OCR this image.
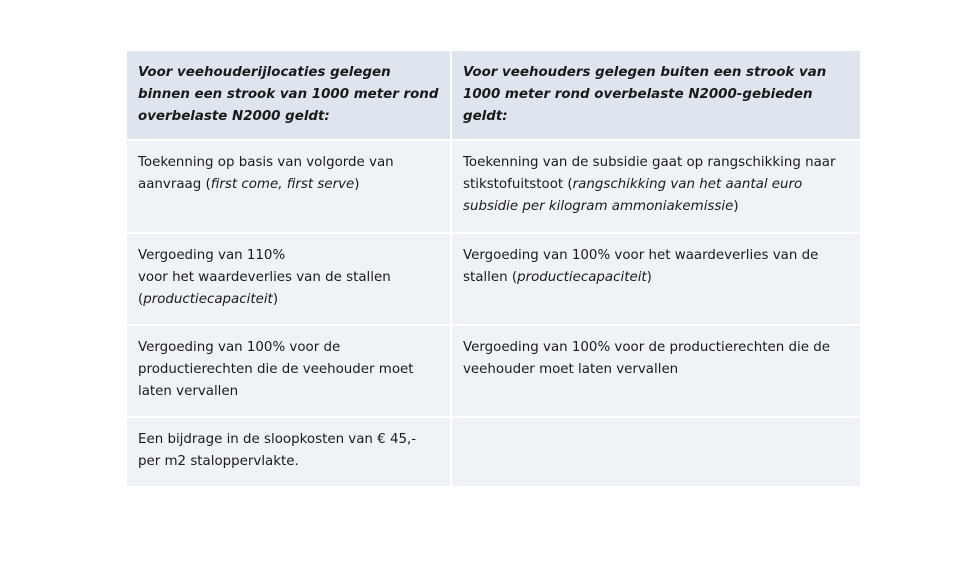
Voor veehouderijlocaties gelegen binnen een strook van 1000 meter rond overbelaste N2000 geldt:
Voor veehouders gelegen buiten een strook van 1000 meter rond overbelaste N2000-gebieden geldt:
Toekenning op basis van volgorde van aanvraag (first come, first serve)
Toekenning van de subsidie gaat op rangschikking naar stikstofuitstoot (rangschikking van het aantal euro subsidie per kilogram ammoniakemissie)
Vergoeding van 110%
voor het waardeverlies van de stallen (productiecapaciteit)
Vergoeding van 100% voor het waardeverlies van de stallen (productiecapaciteit)
Vergoeding van 100% voor de productierechten die de veehouder moet laten vervallen
Vergoeding van 100% voor de productierechten die de veehouder moet laten vervallen
Een bijdrage in de sloopkosten van € 45,- per m2 staloppervlakte.
